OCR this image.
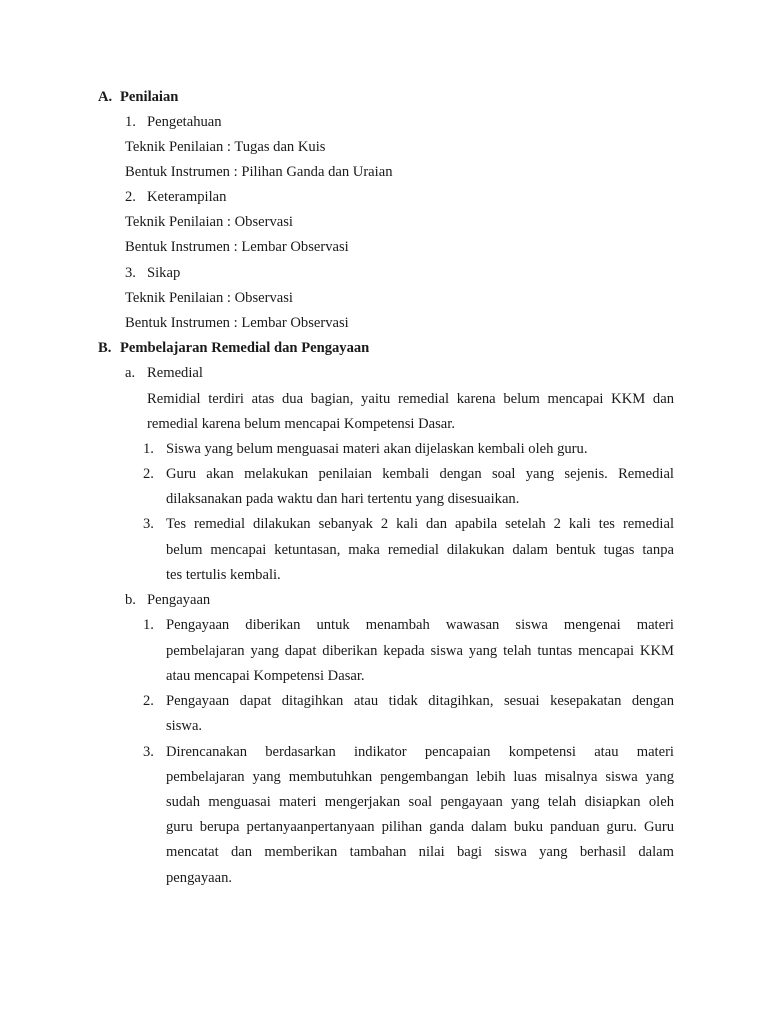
A. Penilaian
1. Pengetahuan
Teknik Penilaian : Tugas dan Kuis
Bentuk Instrumen : Pilihan Ganda dan Uraian
2. Keterampilan
Teknik Penilaian : Observasi
Bentuk Instrumen : Lembar Observasi
3. Sikap
Teknik Penilaian : Observasi
Bentuk Instrumen : Lembar Observasi
B. Pembelajaran Remedial dan Pengayaan
a. Remedial
Remidial terdiri atas dua bagian, yaitu remedial karena belum mencapai KKM dan
remedial karena belum mencapai Kompetensi Dasar.
1. Siswa yang belum menguasai materi akan dijelaskan kembali oleh guru.
2. Guru akan melakukan penilaian kembali dengan soal yang sejenis. Remedial
dilaksanakan pada waktu dan hari tertentu yang disesuaikan.
3. Tes remedial dilakukan sebanyak 2 kali dan apabila setelah 2 kali tes remedial
belum mencapai ketuntasan, maka remedial dilakukan dalam bentuk tugas tanpa
tes tertulis kembali.
b. Pengayaan
1. Pengayaan diberikan untuk menambah wawasan siswa mengenai materi
pembelajaran yang dapat diberikan kepada siswa yang telah tuntas mencapai KKM
atau mencapai Kompetensi Dasar.
2. Pengayaan dapat ditagihkan atau tidak ditagihkan, sesuai kesepakatan dengan
siswa.
3. Direncanakan berdasarkan indikator pencapaian kompetensi atau materi
pembelajaran yang membutuhkan pengembangan lebih luas misalnya siswa yang
sudah menguasai materi mengerjakan soal pengayaan yang telah disiapkan oleh
guru berupa pertanyaanpertanyaan pilihan ganda dalam buku panduan guru. Guru
mencatat dan memberikan tambahan nilai bagi siswa yang berhasil dalam
pengayaan.
